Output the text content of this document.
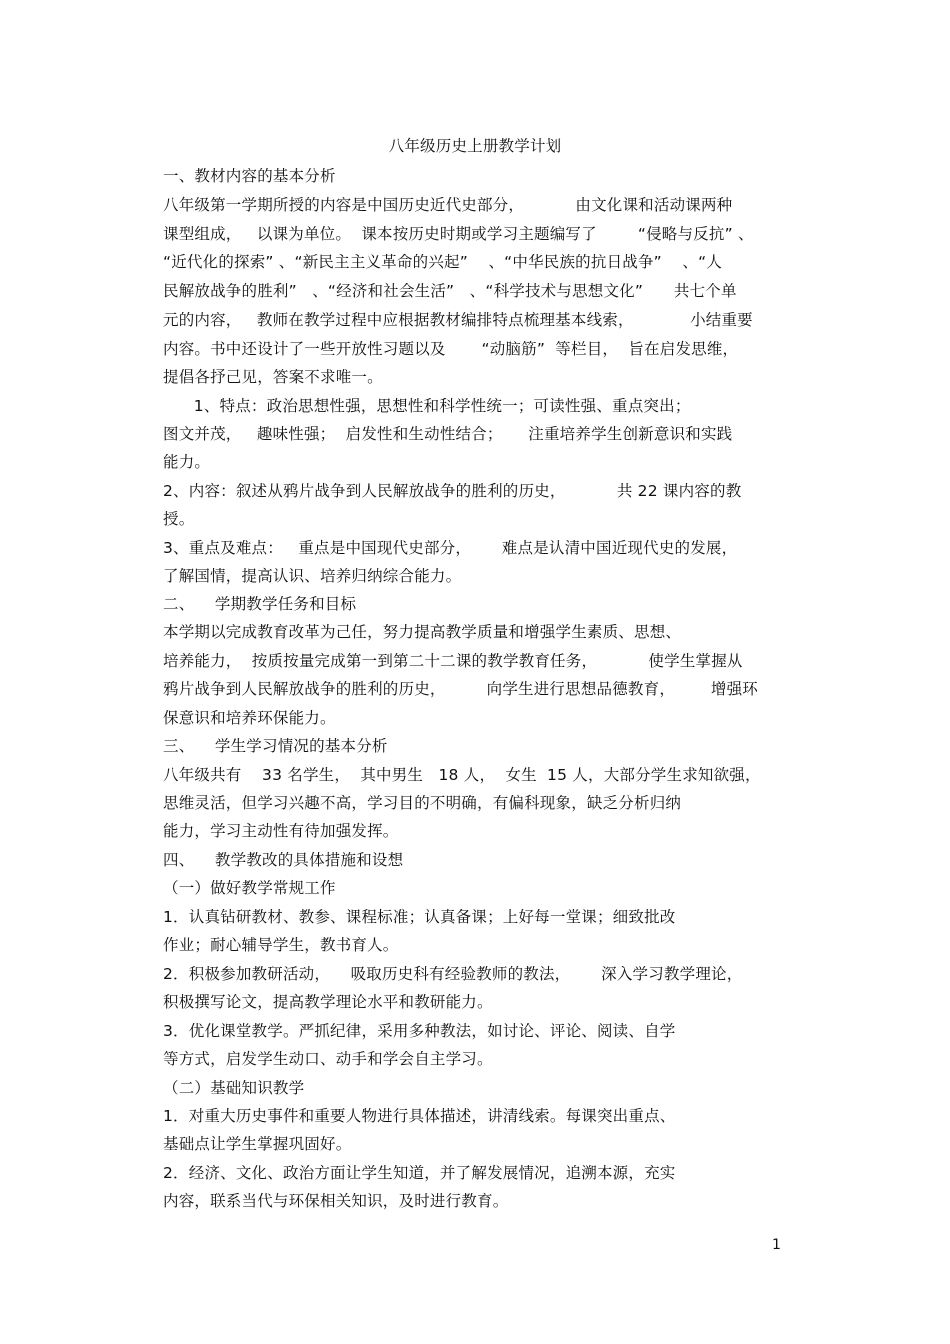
八年级历史上册教学计划
一、教材内容的基本分析
八年级第一学期所授的内容是中国历史近代史部分，          由文化课和活动课两种
课型组成，   以课为单位。  课本按历史时期或学习主题编写了        “侵略与反抗” 、
“近代化的探索” 、“新民主主义革命的兴起”    、“中华民族的抗日战争”    、“人
民解放战争的胜利”   、“经济和社会生活”   、“科学技术与思想文化”      共七个单
元的内容，   教师在教学过程中应根据教材编排特点梳理基本线索，           小结重要
内容。书中还设计了一些开放性习题以及       “动脑筋”  等栏目，  旨在启发思维，
提倡各抒己见，答案不求唯一。
1、特点：政治思想性强，思想性和科学性统一；可读性强、重点突出；
图文并茂，   趣味性强；  启发性和生动性结合；     注重培养学生创新意识和实践
能力。
2、内容：叙述从鸦片战争到人民解放战争的胜利的历史，          共 22 课内容的教
授。
3、重点及难点：   重点是中国现代史部分，      难点是认清中国近现代史的发展，
了解国情，提高认识、培养归纳综合能力。
二、    学期教学任务和目标
本学期以完成教育改革为己任，努力提高教学质量和增强学生素质、思想、
培养能力，  按质按量完成第一到第二十二课的教学教育任务，          使学生掌握从
鸦片战争到人民解放战争的胜利的历史，        向学生进行思想品德教育，       增强环
保意识和培养环保能力。
三、    学生学习情况的基本分析
八年级共有    33 名学生，  其中男生   18 人，  女生  15 人，大部分学生求知欲强，
思维灵活，但学习兴趣不高，学习目的不明确，有偏科现象，缺乏分析归纳
能力，学习主动性有待加强发挥。
四、    教学教改的具体措施和设想
（一）做好教学常规工作
1．认真钻研教材、教参、课程标准；认真备课；上好每一堂课；细致批改
作业；耐心辅导学生，教书育人。
2．积极参加教研活动，    吸取历史科有经验教师的教法，      深入学习教学理论，
积极撰写论文，提高教学理论水平和教研能力。
3．优化课堂教学。严抓纪律，采用多种教法，如讨论、评论、阅读、自学
等方式，启发学生动口、动手和学会自主学习。
（二）基础知识教学
1．对重大历史事件和重要人物进行具体描述，讲清线索。每课突出重点、
基础点让学生掌握巩固好。
2．经济、文化、政治方面让学生知道，并了解发展情况，追溯本源，充实
内容，联系当代与环保相关知识，及时进行教育。
1
